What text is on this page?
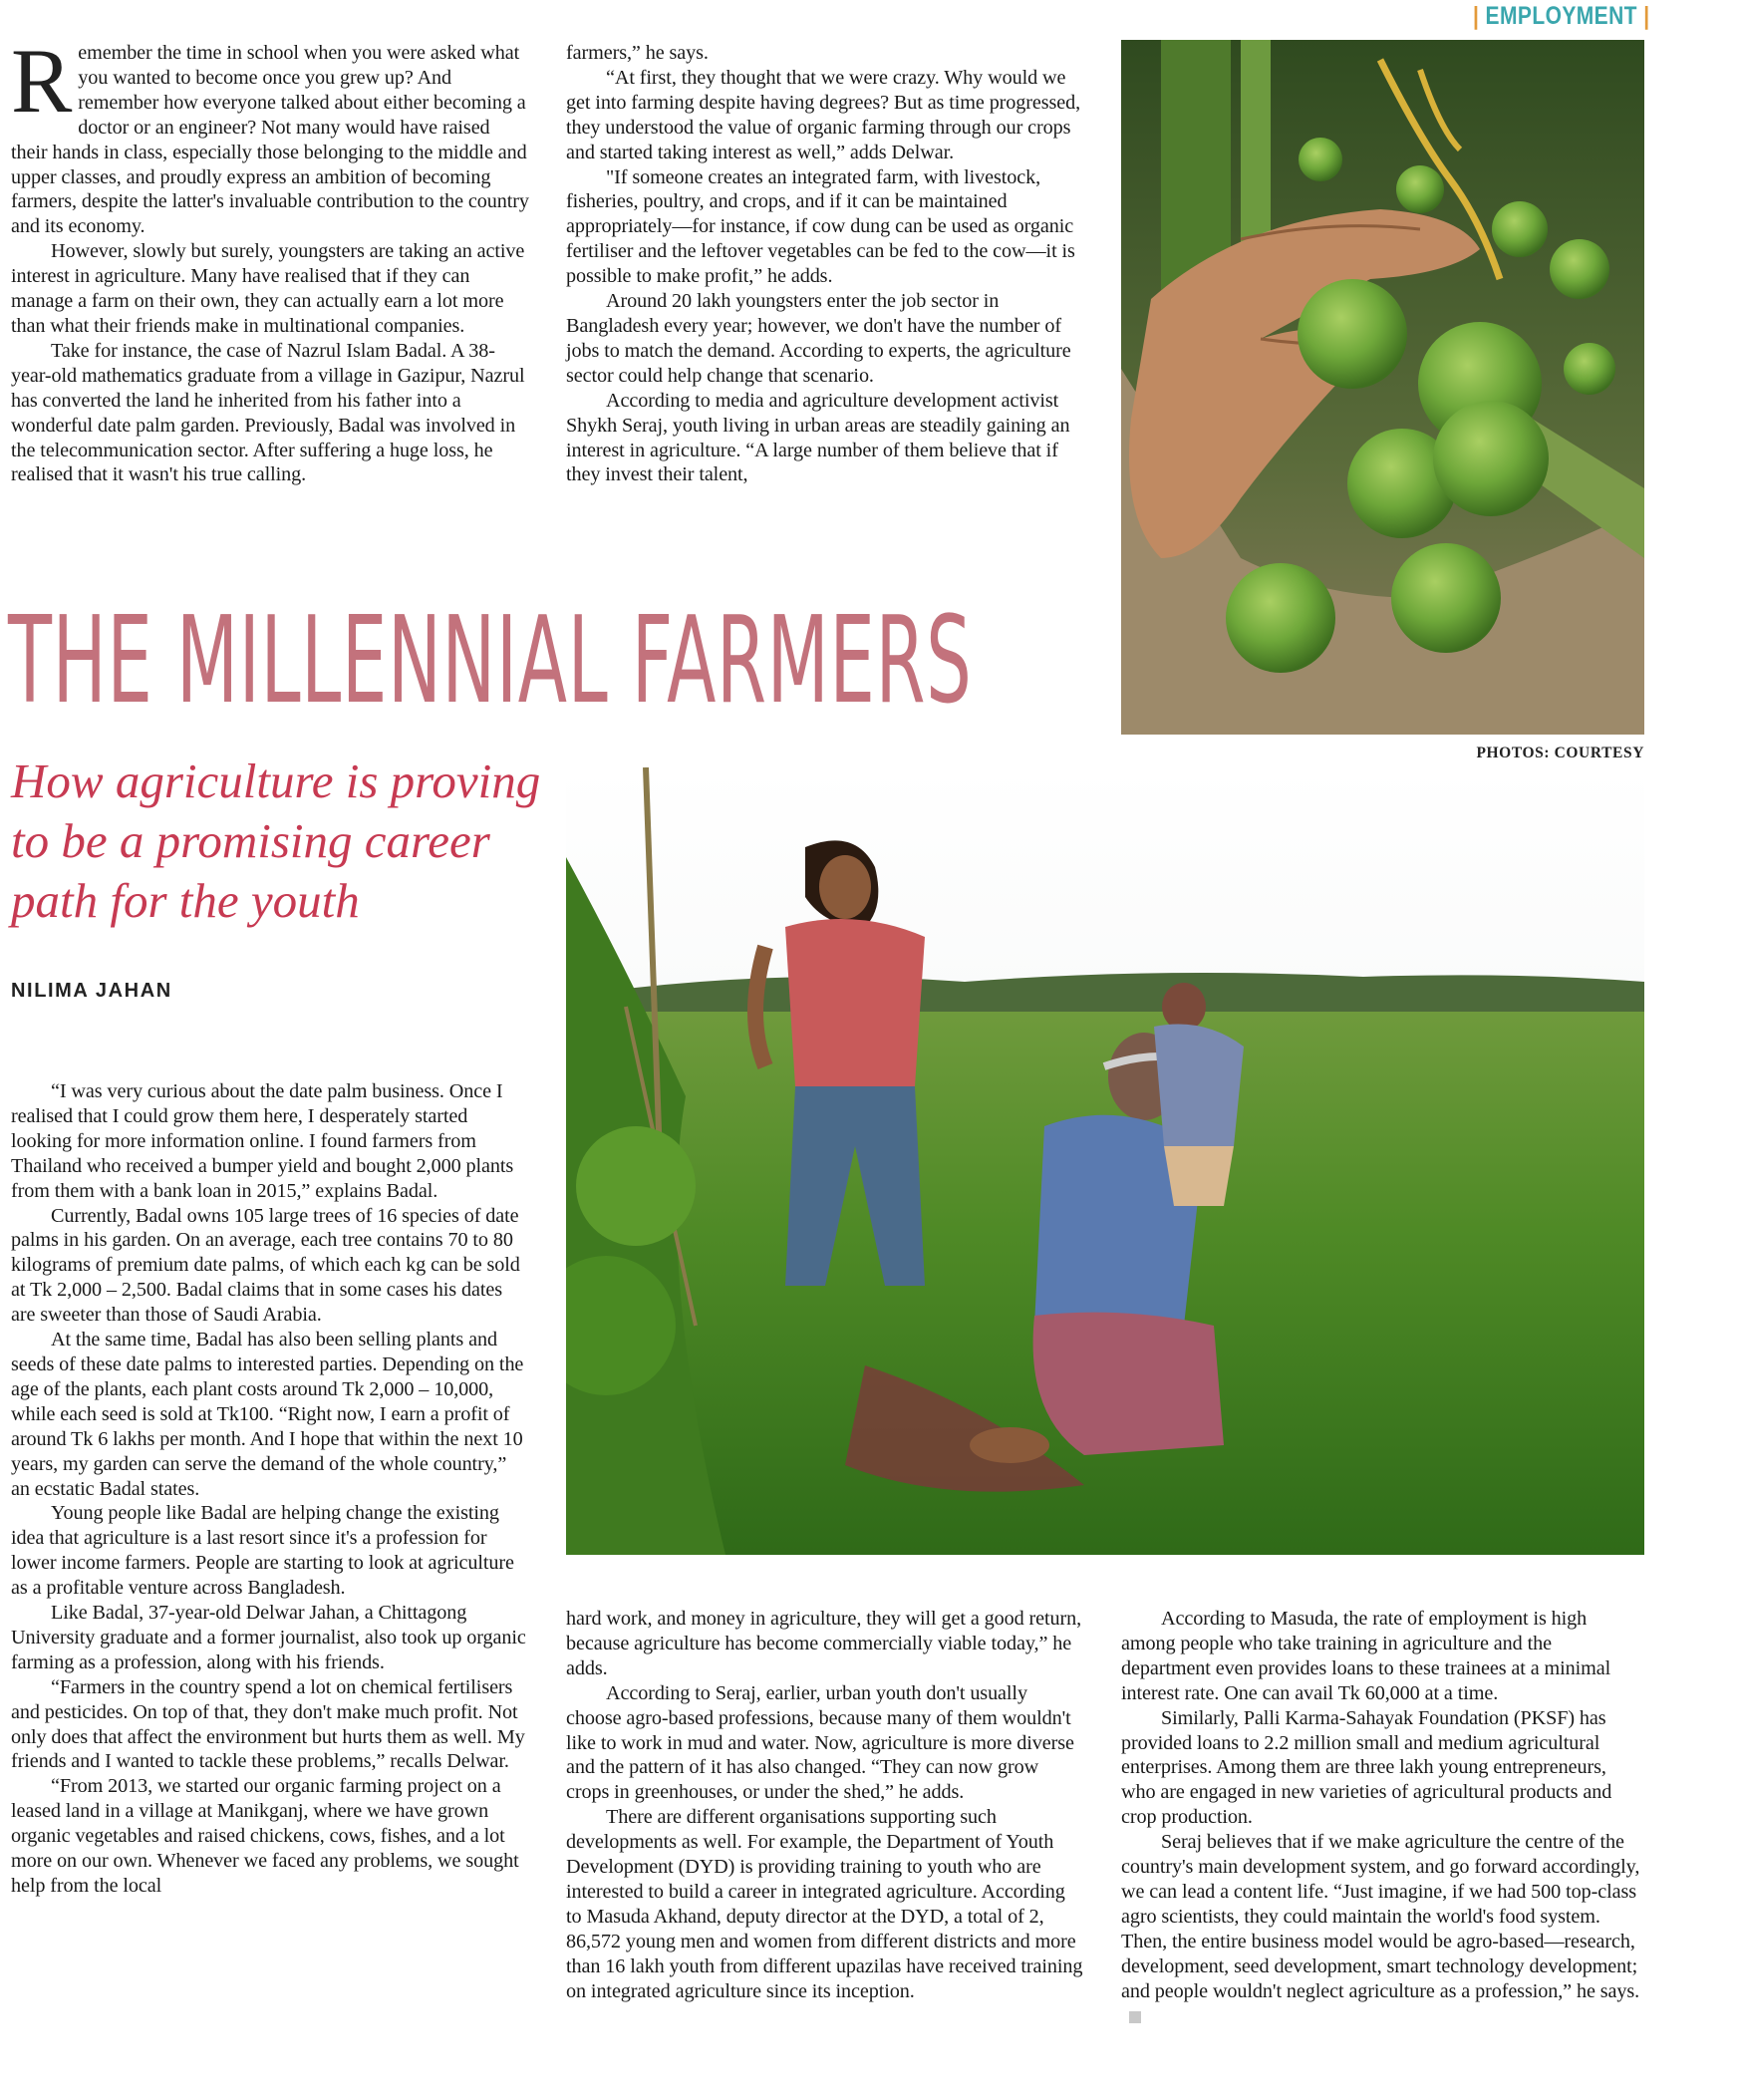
| EMPLOYMENT |

Remember the time in school when you were asked what you wanted to become once you grew up? And remember how everyone talked about either becoming a doctor or an engineer? Not many would have raised their hands in class, especially those belonging to the middle and upper classes, and proudly express an ambition of becoming farmers, despite the latter's invaluable contribution to the country and its economy.

However, slowly but surely, youngsters are taking an active interest in agriculture. Many have realised that if they can manage a farm on their own, they can actually earn a lot more than what their friends make in multinational companies.

Take for instance, the case of Nazrul Islam Badal. A 38-year-old mathematics graduate from a village in Gazipur, Nazrul has converted the land he inherited from his father into a wonderful date palm garden. Previously, Badal was involved in the telecommunication sector. After suffering a huge loss, he realised that it wasn't his true calling.

farmers,” he says.

“At first, they thought that we were crazy. Why would we get into farming despite having degrees? But as time progressed, they understood the value of organic farming through our crops and started taking interest as well,” adds Delwar.

"If someone creates an integrated farm, with livestock, fisheries, poultry, and crops, and if it can be maintained appropriately—for instance, if cow dung can be used as organic fertiliser and the leftover vegetables can be fed to the cow—it is possible to make profit,” he adds.

Around 20 lakh youngsters enter the job sector in Bangladesh every year; however, we don't have the number of jobs to match the demand. According to experts, the agriculture sector could help change that scenario.

According to media and agriculture development activist Shykh Seraj, youth living in urban areas are steadily gaining an interest in agriculture. “A large number of them believe that if they invest their talent,

PHOTOS: COURTESY
THE MILLENNIAL FARMERS
How agriculture is proving to be a promising career path for the youth
NILIMA JAHAN

“I was very curious about the date palm business. Once I realised that I could grow them here, I desperately started looking for more information online. I found farmers from Thailand who received a bumper yield and bought 2,000 plants from them with a bank loan in 2015,” explains Badal.

Currently, Badal owns 105 large trees of 16 species of date palms in his garden. On an average, each tree contains 70 to 80 kilograms of premium date palms, of which each kg can be sold at Tk 2,000 – 2,500. Badal claims that in some cases his dates are sweeter than those of Saudi Arabia.

At the same time, Badal has also been selling plants and seeds of these date palms to interested parties. Depending on the age of the plants, each plant costs around Tk 2,000 – 10,000, while each seed is sold at Tk100. “Right now, I earn a profit of around Tk 6 lakhs per month. And I hope that within the next 10 years, my garden can serve the demand of the whole country,” an ecstatic Badal states.

Young people like Badal are helping change the existing idea that agriculture is a last resort since it's a profession for lower income farmers. People are starting to look at agriculture as a profitable venture across Bangladesh.

Like Badal, 37-year-old Delwar Jahan, a Chittagong University graduate and a former journalist, also took up organic farming as a profession, along with his friends.

“Farmers in the country spend a lot on chemical fertilisers and pesticides. On top of that, they don't make much profit. Not only does that affect the environment but hurts them as well. My friends and I wanted to tackle these problems,” recalls Delwar.

“From 2013, we started our organic farming project on a leased land in a village at Manikganj, where we have grown organic vegetables and raised chickens, cows, fishes, and a lot more on our own. Whenever we faced any problems, we sought help from the local

hard work, and money in agriculture, they will get a good return, because agriculture has become commercially viable today,” he adds.

According to Seraj, earlier, urban youth don't usually choose agro-based professions, because many of them wouldn't like to work in mud and water. Now, agriculture is more diverse and the pattern of it has also changed. “They can now grow crops in greenhouses, or under the shed,” he adds.

There are different organisations supporting such developments as well. For example, the Department of Youth Development (DYD) is providing training to youth who are interested to build a career in integrated agriculture. According to Masuda Akhand, deputy director at the DYD, a total of 2, 86,572 young men and women from different districts and more than 16 lakh youth from different upazilas have received training on integrated agriculture since its inception.

According to Masuda, the rate of employment is high among people who take training in agriculture and the department even provides loans to these trainees at a minimal interest rate. One can avail Tk 60,000 at a time.

Similarly, Palli Karma-Sahayak Foundation (PKSF) has provided loans to 2.2 million small and medium agricultural enterprises. Among them are three lakh young entrepreneurs, who are engaged in new varieties of agricultural products and crop production.

Seraj believes that if we make agriculture the centre of the country's main development system, and go forward accordingly, we can lead a content life. “Just imagine, if we had 500 top-class agro scientists, they could maintain the world's food system. Then, the entire business model would be agro-based—research, development, seed development, smart technology development; and people wouldn't neglect agriculture as a profession,” he says.
